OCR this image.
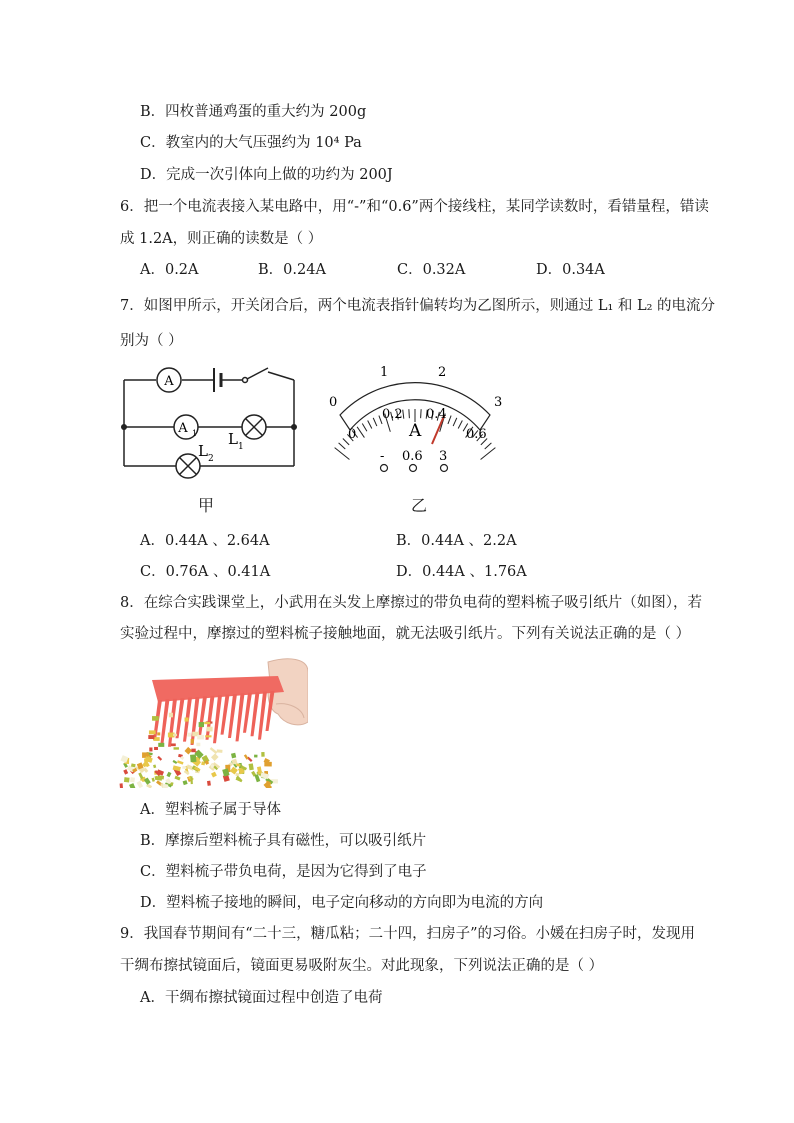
B．四枚普通鸡蛋的重大约为 200g
C．教室内的大气压强约为 10⁴ Pa
D．完成一次引体向上做的功约为 200J
6．把一个电流表接入某电路中，用“-”和“0.6”两个接线柱，某同学读数时，看错量程，错读
成 1.2A，则正确的读数是（ ）
A．0.2A	B．0.24A	C．0.32A	D．0.34A
7．如图甲所示，开关闭合后，两个电流表指针偏转均为乙图所示，则通过 L₁ 和 L₂ 的电流分
别为（ ）
A
A 1 L 1
L 2
甲
0
1	2
3
0
0.2 0.4
0.6
A
- 0.6 3
乙
A．0.44A 、2.64A	B．0.44A 、2.2A
C．0.76A 、0.41A	D．0.44A 、1.76A
8．在综合实践课堂上，小武用在头发上摩擦过的带负电荷的塑料梳子吸引纸片（如图），若
实验过程中，摩擦过的塑料梳子接触地面，就无法吸引纸片。下列有关说法正确的是（ ）
A．塑料梳子属于导体
B．摩擦后塑料梳子具有磁性，可以吸引纸片
C．塑料梳子带负电荷，是因为它得到了电子
D．塑料梳子接地的瞬间，电子定向移动的方向即为电流的方向
9．我国春节期间有“二十三，糖瓜粘；二十四，扫房子”的习俗。小媛在扫房子时，发现用
干绸布擦拭镜面后，镜面更易吸附灰尘。对此现象，下列说法正确的是（ ）
A．干绸布擦拭镜面过程中创造了电荷
